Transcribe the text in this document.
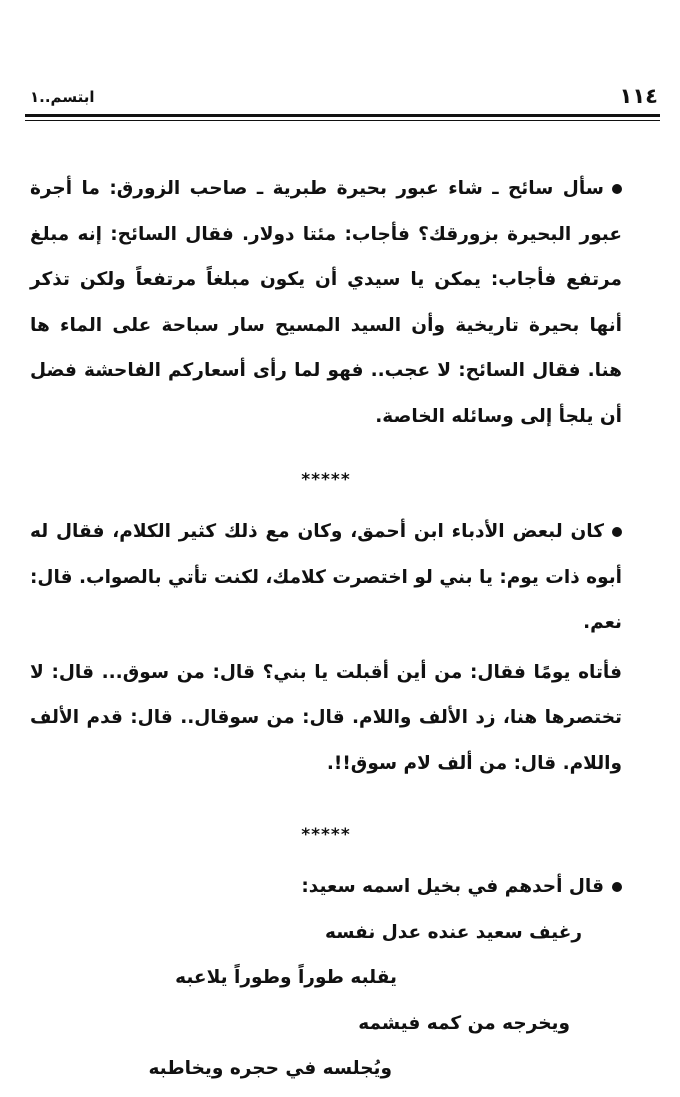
١١٤
ابتسم..١

سأل سائح ـ شاء عبور بحيرة طبرية ـ صاحب الزورق: ما أجرة عبور البحيرة بزورقك؟ فأجاب: مئتا دولار. فقال السائح: إنه مبلغ مرتفع فأجاب: يمكن يا سيدي أن يكون مبلغاً مرتفعاً ولكن تذكر أنها بحيرة تاريخية وأن السيد المسيح سار سباحة على الماء ها هنا. فقال السائح: لا عجب.. فهو لما رأى أسعاركم الفاحشة فضل أن يلجأ إلى وسائله الخاصة.

*****

كان لبعض الأدباء ابن أحمق، وكان مع ذلك كثير الكلام، فقال له أبوه ذات يوم: يا بني لو اختصرت كلامك، لكنت تأتي بالصواب. قال: نعم.

فأتاه يومًا فقال: من أين أقبلت يا بني؟ قال: من سوق... قال: لا تختصرها هنا، زد الألف واللام. قال: من سوقال.. قال: قدم الألف واللام. قال: من ألف لام سوق!!.

*****

قال أحدهم في بخيل اسمه سعيد:

رغيف سعيد عنده عدل نفسه

يقلبه طوراً وطوراً يلاعبه

ويخرجه من كمه فيشمه

ويُجلسه في حجره ويخاطبه
